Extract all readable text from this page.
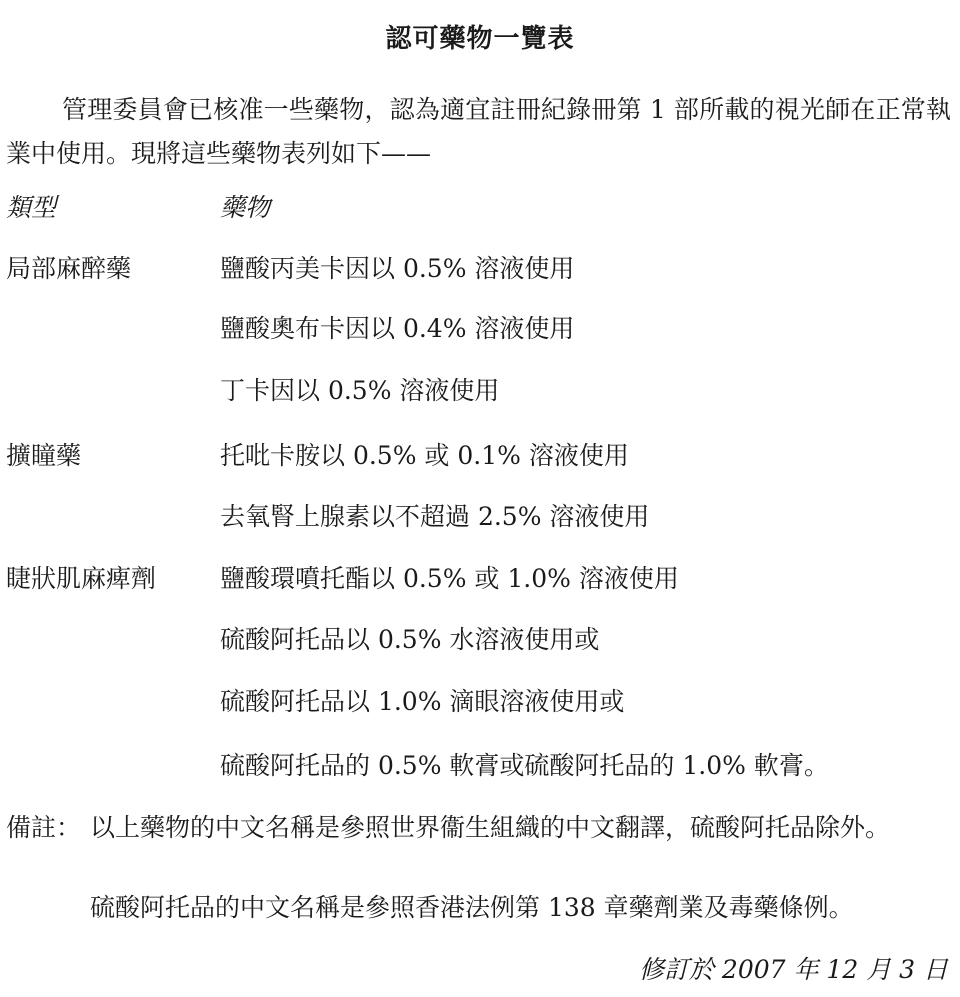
認可藥物一覽表
管理委員會已核准一些藥物，認為適宜註冊紀錄冊第 1 部所載的視光師在正常執業中使用。現將這些藥物表列如下——
類型	藥物
局部麻醉藥	鹽酸丙美卡因以 0.5% 溶液使用
鹽酸奧布卡因以 0.4% 溶液使用
丁卡因以 0.5% 溶液使用
擴瞳藥	托吡卡胺以 0.5% 或 0.1% 溶液使用
去氧腎上腺素以不超過 2.5% 溶液使用
睫狀肌麻痺劑	鹽酸環噴托酯以 0.5% 或 1.0% 溶液使用
硫酸阿托品以 0.5% 水溶液使用或
硫酸阿托品以 1.0% 滴眼溶液使用或
硫酸阿托品的 0.5% 軟膏或硫酸阿托品的 1.0% 軟膏。
備註： 以上藥物的中文名稱是參照世界衞生組織的中文翻譯，硫酸阿托品除外。
硫酸阿托品的中文名稱是參照香港法例第 138 章藥劑業及毒藥條例。
修訂於 2007 年 12 月 3 日
